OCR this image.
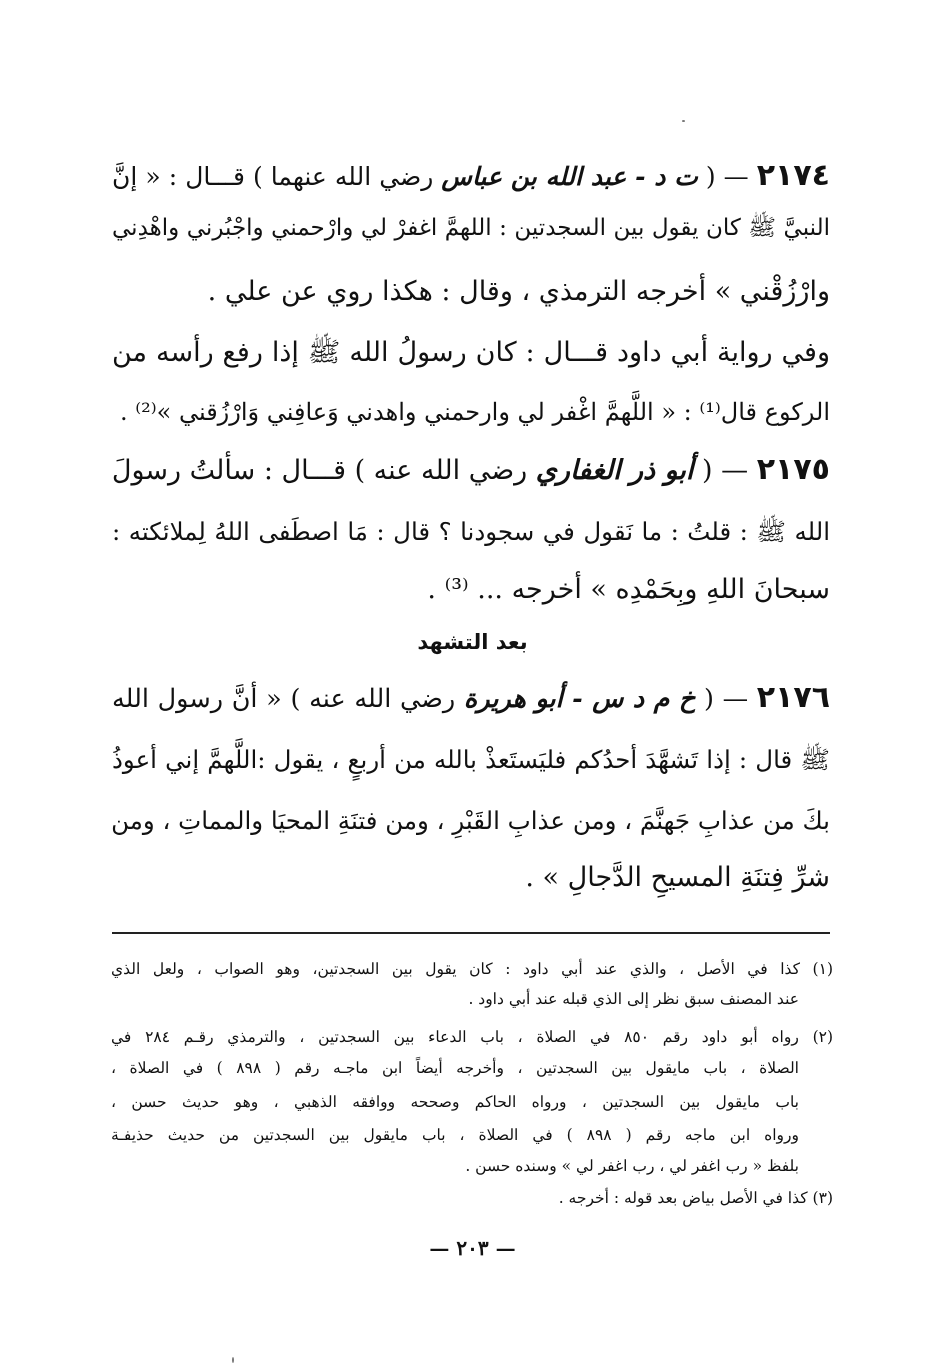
٢١٧٤ — ( ت د - عبد الله بن عباس رضي الله عنهما ) قـــال : « إنَّ
النبيَّ ﷺ كان يقول بين السجدتين : اللهمَّ اغفرْ لي وارْحمني واجْبُرني واهْدِني
وارْزُقْني » أخرجه الترمذي ، وقال : هكذا روي عن علي .
وفي رواية أبي داود قـــال : كان رسولُ الله ﷺ إذا رفع رأسه من
الركوع قال⁽¹⁾ : « اللَّهمَّ اغْفر لي وارحمني واهدني وَعافِني وَارْزُقني »⁽²⁾ .
٢١٧٥ — ( أبو ذر الغفاري رضي الله عنه ) قـــال : سألتُ رسولَ
الله ﷺ : قلتُ : ما نَقول في سجودنا ؟ قال : مَا اصطَفى اللهُ لِملائكته :
سبحانَ اللهِ وبِحَمْدِه » أخرجه ... ⁽³⁾ .
بعد التشهد
٢١٧٦ — ( خ م د س - أبو هريرة رضي الله عنه ) « أنَّ رسول الله
ﷺ قال : إذا تَشهَّدَ أحدُكم فليَستَعذْ بالله من أربعٍ ، يقول :اللَّهمَّ إني أعوذُ
بكَ من عذابِ جَهنَّمَ ، ومن عذابِ القَبْرِ ، ومن فتنَةِ المحيَا والمماتِ ، ومن
شرِّ فِتنَةِ المسيحِ الدَّجالِ » .
(١) كذا في الأصل ، والذي عند أبي داود : كان يقول بين السجدتين، وهو الصواب ، ولعل الذي
عند المصنف سبق نظر إلى الذي قبله عند أبي داود .
(٢) رواه أبو داود رقم ٨٥٠ في الصلاة ، باب الدعاء بين السجدتين ، والترمذي رقـم ٢٨٤ في
الصلاة ، باب مايقول بين السجدتين ، وأخرجه أيضاً ابن ماجـه رقم ( ٨٩٨ ) في الصلاة ،
باب مايقول بين السجدتين ، ورواه الحاكم وصححه ووافقه الذهبي ، وهو حديث حسن ،
ورواه ابن ماجه رقم ( ٨٩٨ ) في الصلاة ، باب مايقول بين السجدتين من حديث حذيفـة
بلفظ « رب اغفر لي ، رب اغفر لي » وسنده حسن .
(٣) كذا في الأصل بياض بعد قوله : أخرجه .
— ٢٠٣ —
